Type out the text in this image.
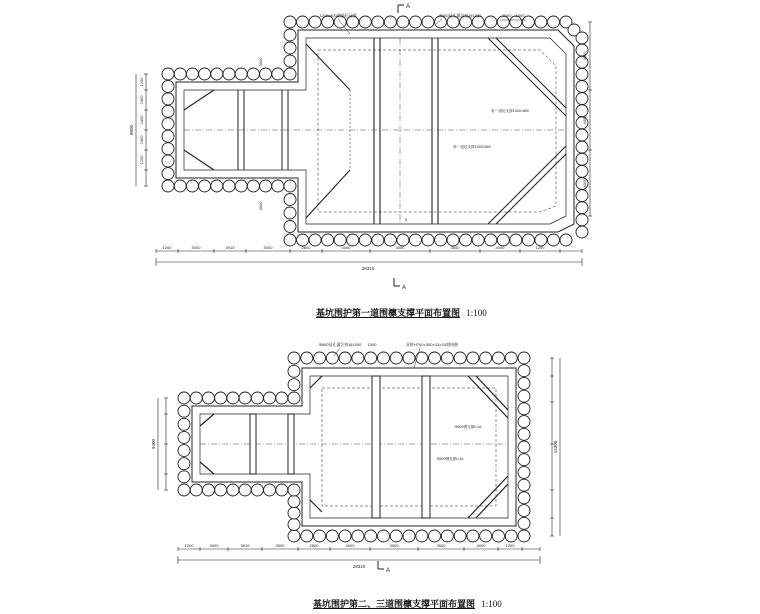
1200	3000	3910	3000	2800	4000	3000	3500	4000	1200
28310
1200
2400
2400
2400
1200
8600
4000
4000
4000
3000
3000
3000 1000
1200x800钢筋砼冠梁	Φ800钻孔灌注桩@1000
第一道砼支撑1000×800
第一道砼支撑1000×800
5
A
A
1200	3000	3910	3000	2800	4000	3000	3500	4000	1200
28310
9400	14300
Φ800钻孔灌注桩@1000 1000	双拼H700×300×13×24钢围檩
Φ609钢支撑t=16
Φ609钢支撑t=16
A
基坑围护第一道围檩支撑平面布置图 1:100
基坑围护第二、三道围檩支撑平面布置图 1:100
